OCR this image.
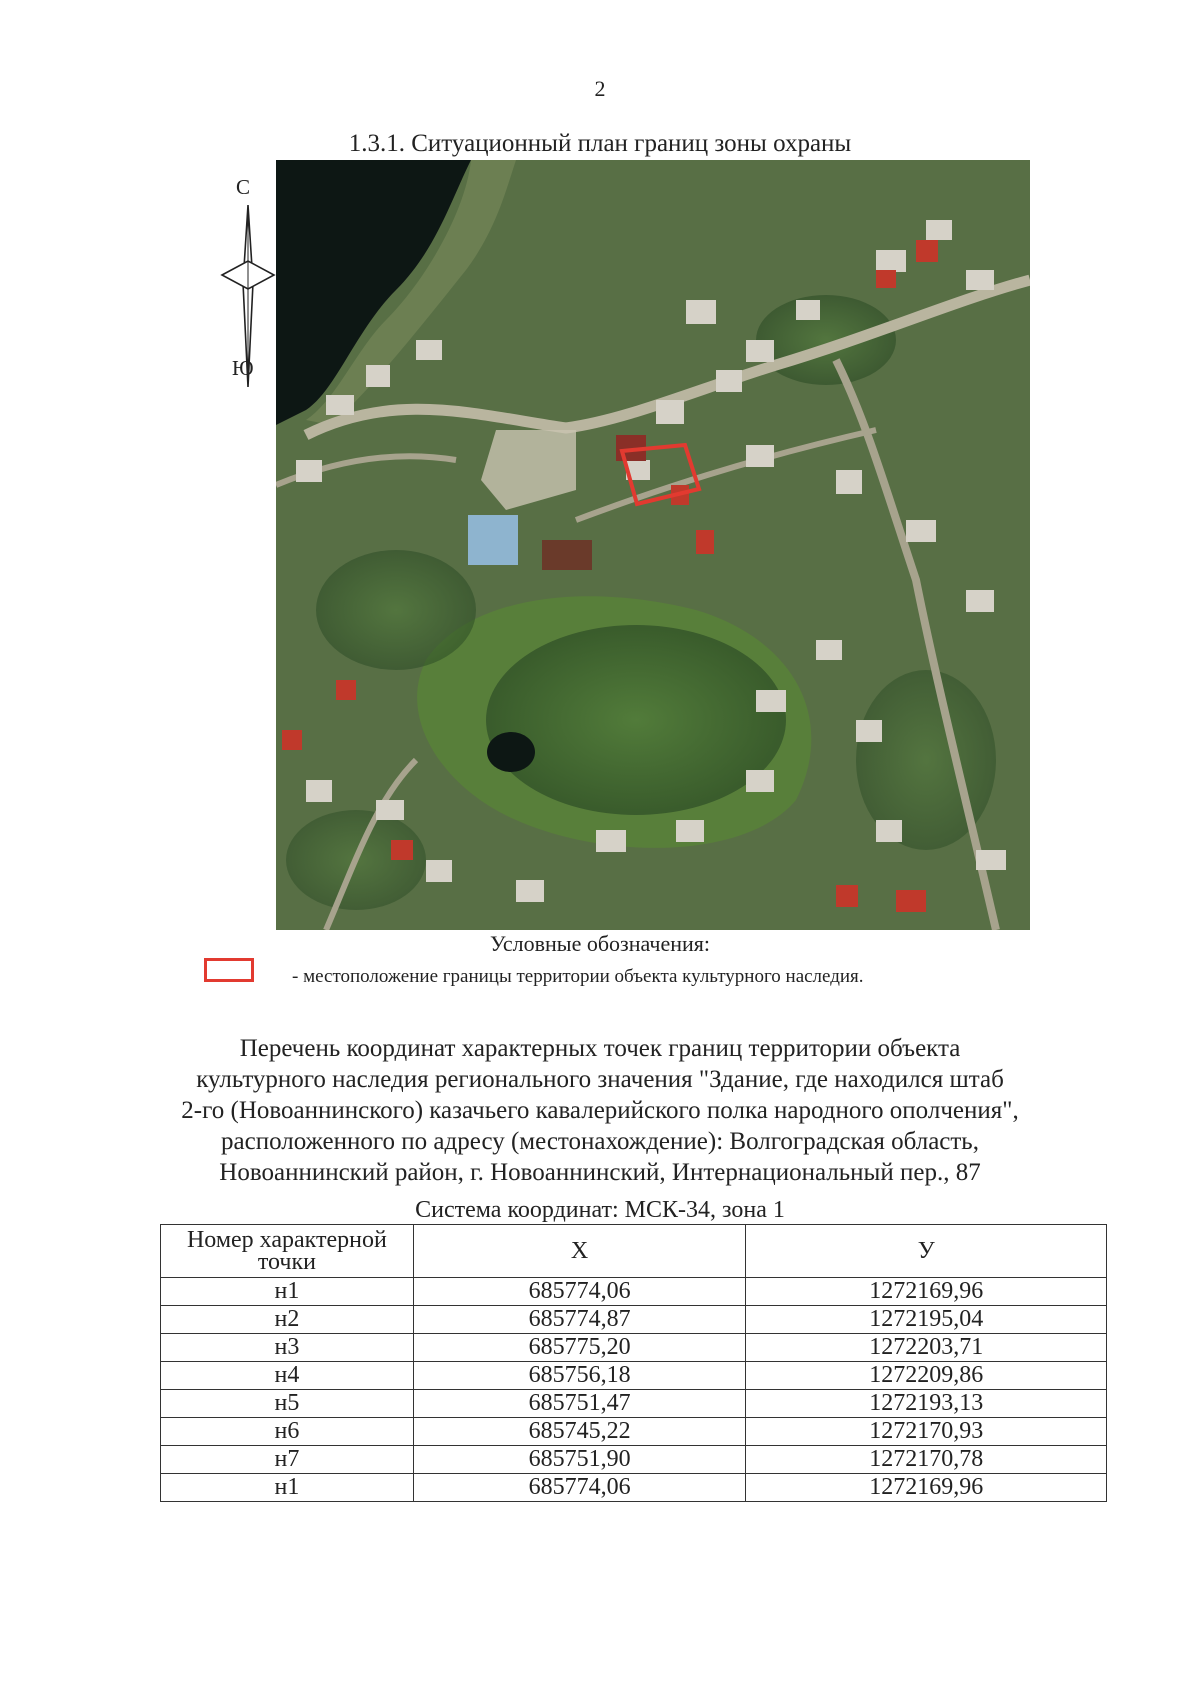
2
1.3.1. Ситуационный план границ зоны охраны
С
Ю
Условные обозначения:
- местоположение границы территории объекта культурного наследия.
Перечень координат характерных точек границ территории объекта
культурного наследия регионального значения "Здание, где находился штаб
2-го (Новоаннинского) казачьего кавалерийского полка народного ополчения",
расположенного по адресу (местонахождение): Волгоградская область,
Новоаннинский район, г. Новоаннинский, Интернациональный пер., 87
Система координат: МСК-34, зона 1
Номер характерной точки	X	У
н1	685774,06	1272169,96
н2	685774,87	1272195,04
н3	685775,20	1272203,71
н4	685756,18	1272209,86
н5	685751,47	1272193,13
н6	685745,22	1272170,93
н7	685751,90	1272170,78
н1	685774,06	1272169,96
